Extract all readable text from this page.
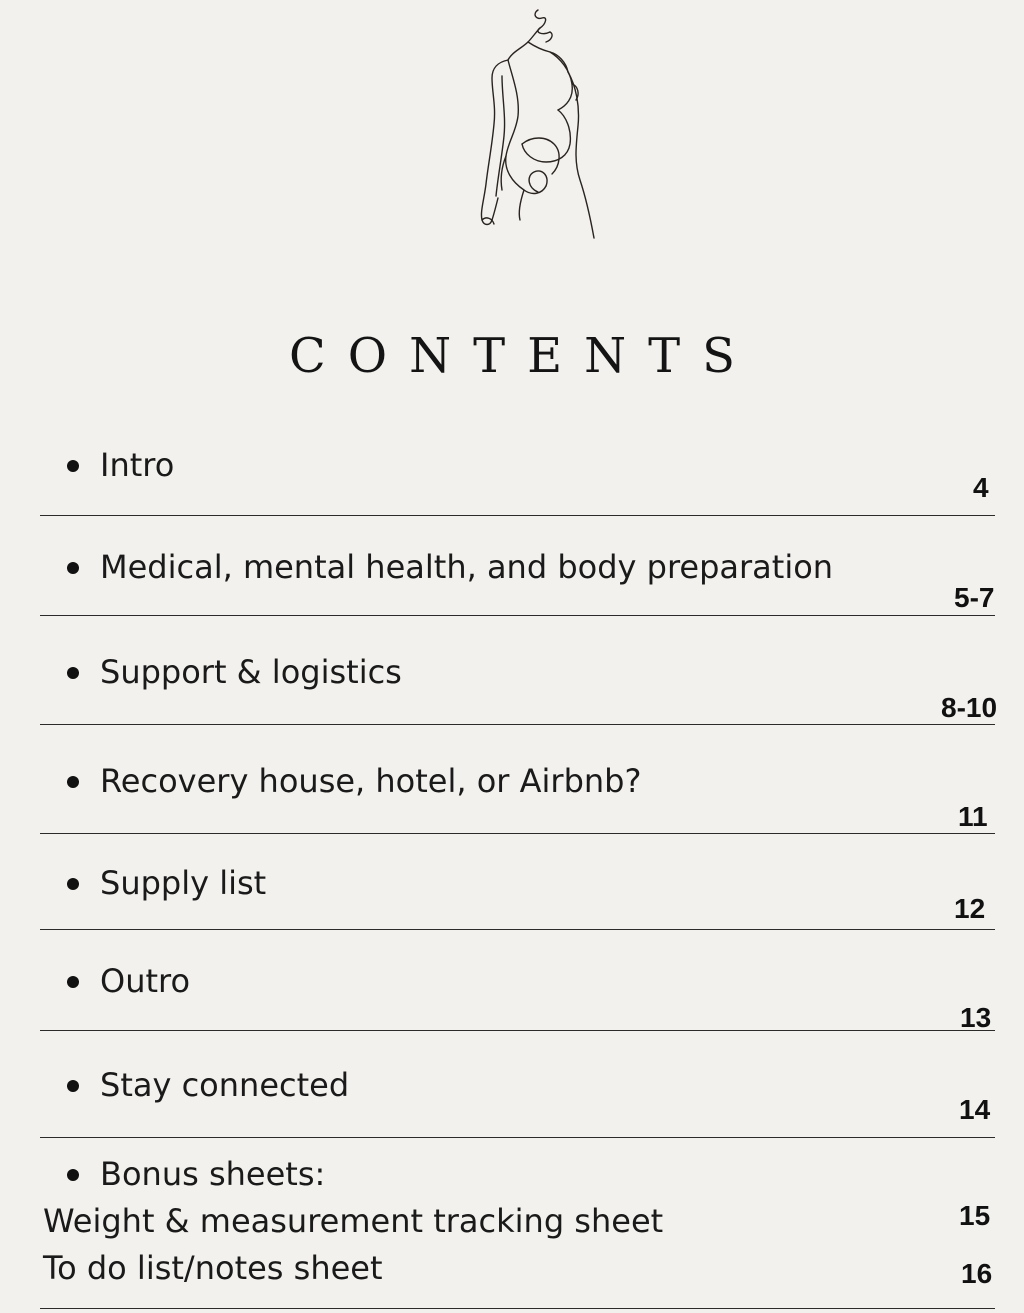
CONTENTS
Intro
4
Medical, mental health, and body preparation
5-7
Support & logistics
8-10
Recovery house, hotel, or Airbnb?
11
Supply list
12
Outro
13
Stay connected
14
Bonus sheets:
Weight & measurement tracking sheet	15
To do list/notes sheet	16
